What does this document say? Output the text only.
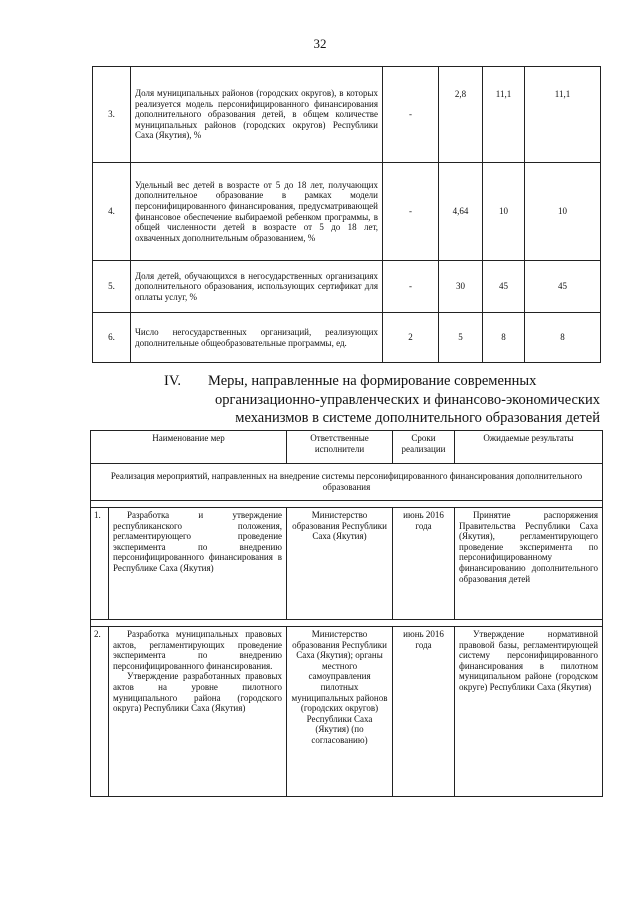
32
3.	Доля муниципальных районов (городских округов), в которых реализуется модель персонифицированного финансирования дополнительного образования детей, в общем количестве муниципальных районов (городских округов) Республики Саха (Якутия), %	-	2,8	11,1	11,1
4.	Удельный вес детей в возрасте от 5 до 18 лет, получающих дополнительное образование в рамках модели персонифицированного финансирования, предусматривающей финансовое обеспечение выбираемой ребенком программы, в общей численности детей в возрасте от 5 до 18 лет, охваченных дополнительным образованием, %	-	4,64	10	10
5.	Доля детей, обучающихся в негосударственных организациях дополнительного образования, использующих сертификат для оплаты услуг, %	-	30	45	45
6.	Число негосударственных организаций, реализующих дополнительные общеобразовательные программы, ед.	2	5	8	8
IV. Меры, направленные на формирование современных
организационно-управленческих и финансово-экономических
механизмов в системе дополнительного образования детей
Наименование мер		Ответственные исполнители	Сроки реализации	Ожидаемые результаты
Реализация мероприятий, направленных на внедрение системы персонифицированного финансирования дополнительного образования				

1.	Разработка и утверждение республиканского положения, регламентирующего проведение эксперимента по внедрению персонифицированного финансирования в Республике Саха (Якутия)	Министерство образования Республики Саха (Якутия)	июнь 2016 года	Принятие распоряжения Правительства Республики Саха (Якутия), регламентирующего проведение эксперимента по персонифицированному финансированию дополнительного образования детей

2.	Разработка муниципальных правовых актов, регламентирующих проведение эксперимента по внедрению персонифицированного финансирования.
Утверждение разработанных правовых актов на уровне пилотного муниципального района (городского округа) Республики Саха (Якутия)	Министерство образования Республики Саха (Якутия); органы местного самоуправления пилотных муниципальных районов (городских округов) Республики Саха (Якутия) (по согласованию)	июнь 2016 года	Утверждение нормативной правовой базы, регламентирующей систему персонифицированного финансирования в пилотном муниципальном районе (городском округе) Республики Саха (Якутия)
